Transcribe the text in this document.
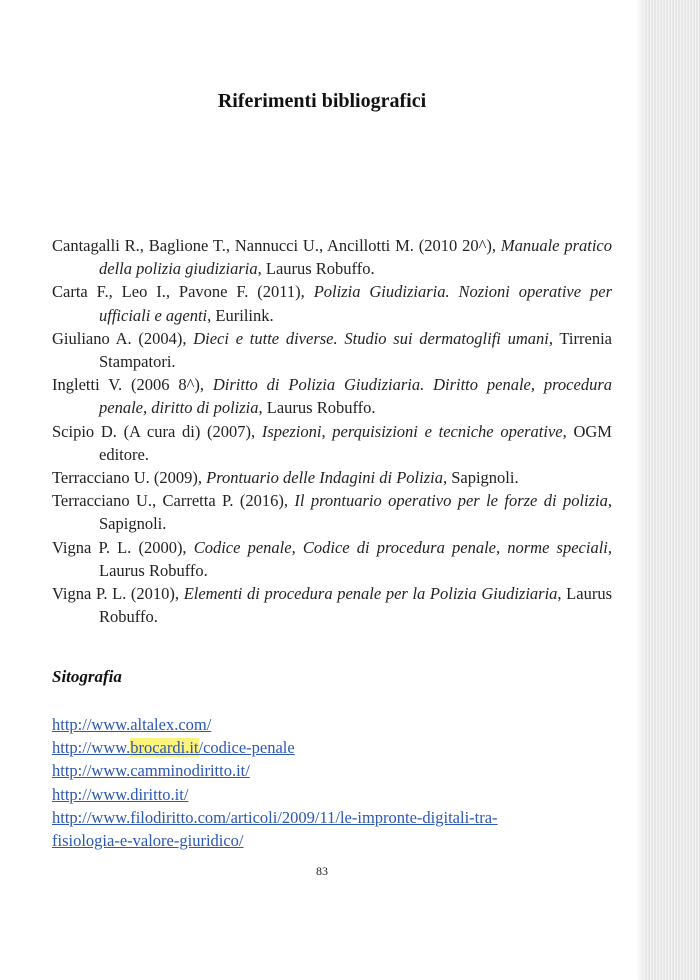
Riferimenti bibliografici

Cantagalli R., Baglione T., Nannucci U., Ancillotti M. (2010 20^), Manuale pratico della polizia giudiziaria, Laurus Robuffo.

Carta F., Leo I., Pavone F. (2011), Polizia Giudiziaria. Nozioni operative per ufficiali e agenti, Eurilink.

Giuliano A. (2004), Dieci e tutte diverse. Studio sui dermatoglifi umani, Tirrenia Stampatori.

Ingletti V. (2006 8^), Diritto di Polizia Giudiziaria. Diritto penale, procedura penale, diritto di polizia, Laurus Robuffo.

Scipio D. (A cura di) (2007), Ispezioni, perquisizioni e tecniche operative, OGM editore.

Terracciano U. (2009), Prontuario delle Indagini di Polizia, Sapignoli.

Terracciano U., Carretta P. (2016), Il prontuario operativo per le forze di polizia, Sapignoli.

Vigna P. L. (2000), Codice penale, Codice di procedura penale, norme speciali, Laurus Robuffo.

Vigna P. L. (2010), Elementi di procedura penale per la Polizia Giudiziaria, Laurus Robuffo.

Sitografia
http://www.altalex.com/
http://www.brocardi.it/codice-penale
http://www.camminodiritto.it/
http://www.diritto.it/
http://www.filodiritto.com/articoli/2009/11/le-impronte-digitali-tra-
fisiologia-e-valore-giuridico/
83
